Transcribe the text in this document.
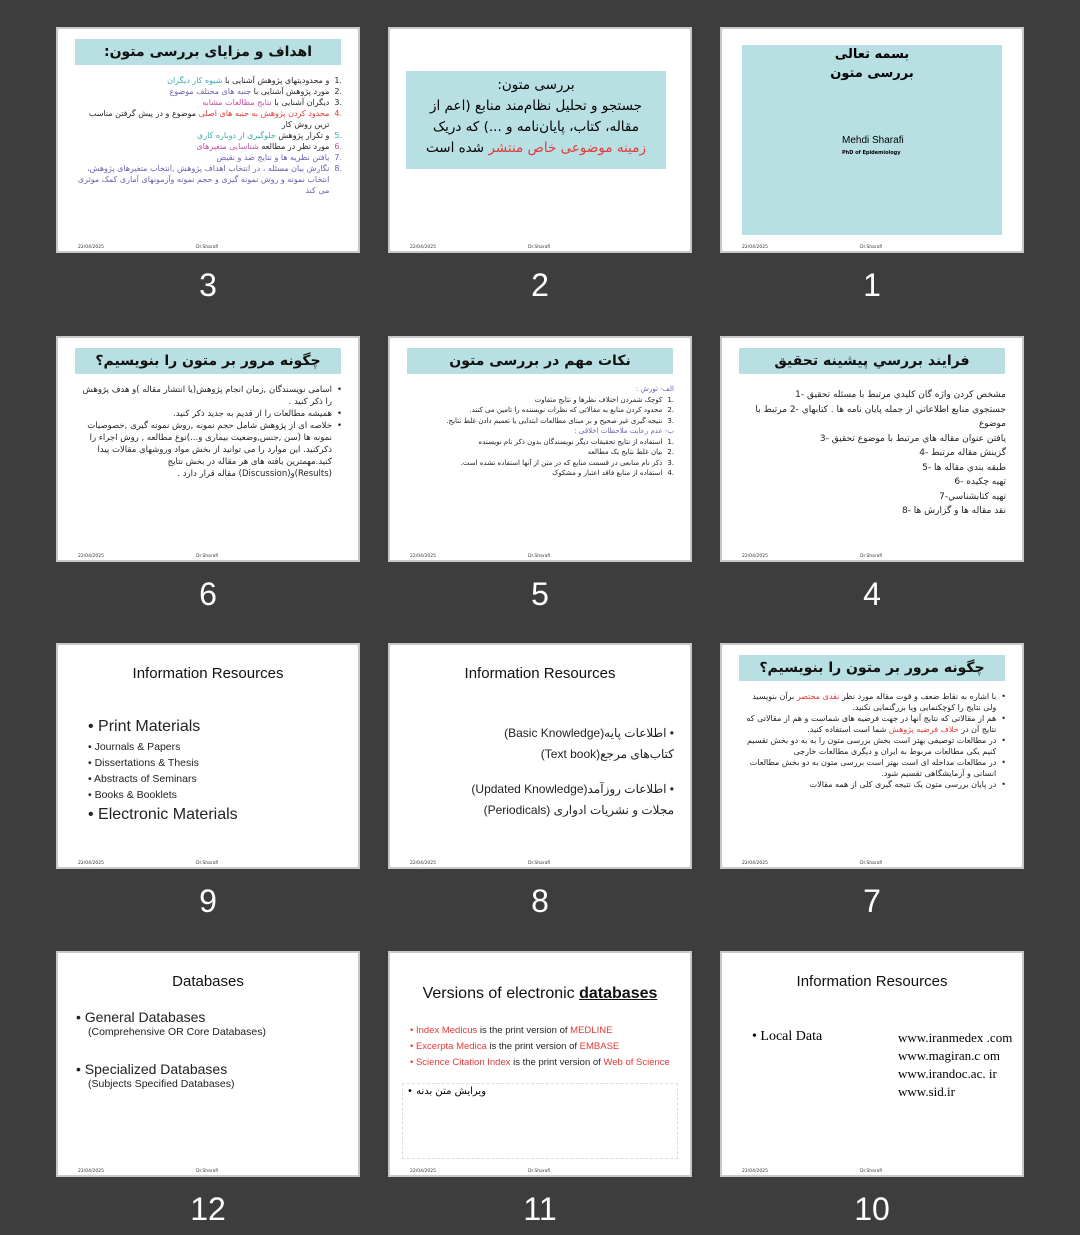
بسمه تعالی
بررسی متون
Mehdi Sharafi
PhD of Epidemiology
22/04/2025	Dr.Sharafi
1
بررسی متون:
جستجو و تحلیل نظام‌مند منابع (اعم از
مقاله، کتاب، پایان‌نامه و ...) که دریک
زمینه موضوعی خاص منتشر شده است
22/04/2025	Dr.Sharafi
2
اهداف و مزایای بررسی متون:
و محدودیتهای پژوهش آشنایی با شیوه کار دیگران	1.
مورد پژوهش آشنایی با جنبه های مختلف موضوع	2.
دیگران آشنایی با نتایج مطالعات مشابه	3.
محدود کردن پژوهش به جنبه های اصلی موضوع و در پیش گرفتن مناسب ترین روش کار
4.
و تکرار پژوهش جلوگیری از دوباره کاری	5.
مورد نظر در مطالعه شناسایی متغیرهای	6.
یافتن نظریه ها و نتایج ضد و نقیض 7.
نگارش بیان مسئله ، در انتخاب اهداف پژوهش ,انتخاب متغیرهای پژوهش، انتخاب نمونه و روش نمونه گیری و حجم نمونه وآزمونهای آماری کمک موثری می کند
8.
22/04/2025	Dr.Sharafi
3
فرايند بررسي پيشينه تحقيق
مشخص كردن واژه گان كليدي مرتبط با مسئله تحقيق -1
جستجوي منابع اطلاعاتي از جمله پايان نامه ها . كتابهاي -2 مرتبط با موضوع
يافتن عنوان مقاله هاي مرتبط با موضوع تحقيق -3
گزينش مقاله مرتبط -4
طبقه بندي مقاله ها -5
تهيه چكيده -6
تهيه كتابشناسي-7
نقد مقاله ها و گزارش ها -8
22/04/2025	Dr.Sharafi
4
نکات مهم در بررسی متون
الف- تورش :
کوچک شمردن اختلاف نظرها و نتایج متفاوت 1.
محدود کردن منابع به مقالاتی که نظرات نویسنده را تامین می کنند. 2.
نتیجه گیری غیر صحیح و بر مبنای مطالعات ابتدایی یا تعمیم دادن غلط نتایج. 3.
ب- عدم رعایت ملاحظات اخلاقی :
استفاده از نتایج تحقیقات دیگر نویسندگان بدون ذکر نام نویسنده 1.
بیان غلط نتایج یک مطالعه 2.
ذکر نام منابعی در قسمت منابع که در متن از آنها استفاده نشده است. 3.
استفاده از منابع فاقد اعتبار و مشکوک 4.
22/04/2025	Dr.Sharafi
5
چگونه مرور بر متون را بنویسیم؟
اسامی نویسندگان ,زمان انجام پژوهش(یا انتشار مقاله )و هدف پژوهش را ذکر کنید .
•
همیشه مطالعات را از قدیم به جدید ذکر کنید. •
خلاصه ای از پژوهش شامل حجم نمونه ,روش نمونه گیری ,خصوصیات نمونه ها (سن ,جنس,وضعیت بیماری و...)نوع مطالعه , روش اجراء را ذکرکنید. این موارد را می توانید از بخش مواد وروشهای مقالات پیدا کنید.مهمترین یافته های هر مقاله در بخش نتایج (Results)و(Discussion) مقاله قرار دارد .
•
22/04/2025	Dr.Sharafi
6
چگونه مرور بر متون را بنویسیم؟
با اشاره به نقاط ضعف و قوت مقاله مورد نظر نقدی مختصر برآن بنویسید ولی نتایج را کوچکنمایی ویا بزرگنمایی نکنید.
•
هم از مقالاتی که نتایج آنها در جهت فرضیه های شماست و هم از مقالاتی که نتایج آن در خلاف فرضیه پژوهش شما است استفاده کنید.
•
در مطالعات توصیفی بهتر است بخش بررسی متون را به به دو بخش تقسیم کنیم یکی مطالعات مربوط به ایران و دیگری مطالعات خارجی
•
در مطالعات مداخله ای است بهتر است بررسی متون به دو بخش مطالعات انسانی و آزمایشگاهی تقسیم شود.
•
در پایان بررسی متون یک نتیجه گیری کلی از همه مقالات •
22/04/2025	Dr.Sharafi
7
Information Resources
• اطلاعات پایه(Basic Knowledge)
کتاب‌های مرجع(Text book)
• اطلاعات روزآمد(Updated Knowledge)
مجلات و نشریات ادواری (Periodicals)
22/04/2025	Dr.Sharafi
8
Information Resources
• Print Materials
• Journals & Papers
• Dissertations & Thesis
• Abstracts of Seminars
• Books & Booklets
• Electronic Materials
22/04/2025	Dr.Sharafi
9
Information Resources
• Local Data	www.iranmedex .com
www.magiran.c om
www.irandoc.ac. ir
www.sid.ir
22/04/2025	Dr.Sharafi
10
Versions of electronic databases
ویرایش متن بدنه •
• Index Medicus is the print version of MEDLINE
• Excerpta Medica is the print version of EMBASE
• Science Citation Index is the print version of Web of Science
22/04/2025	Dr.Sharafi
11
Databases
• General Databases
(Comprehensive OR Core Databases)
• Specialized Databases
(Subjects Specified Databases)
22/04/2025	Dr.Sharafi
12
